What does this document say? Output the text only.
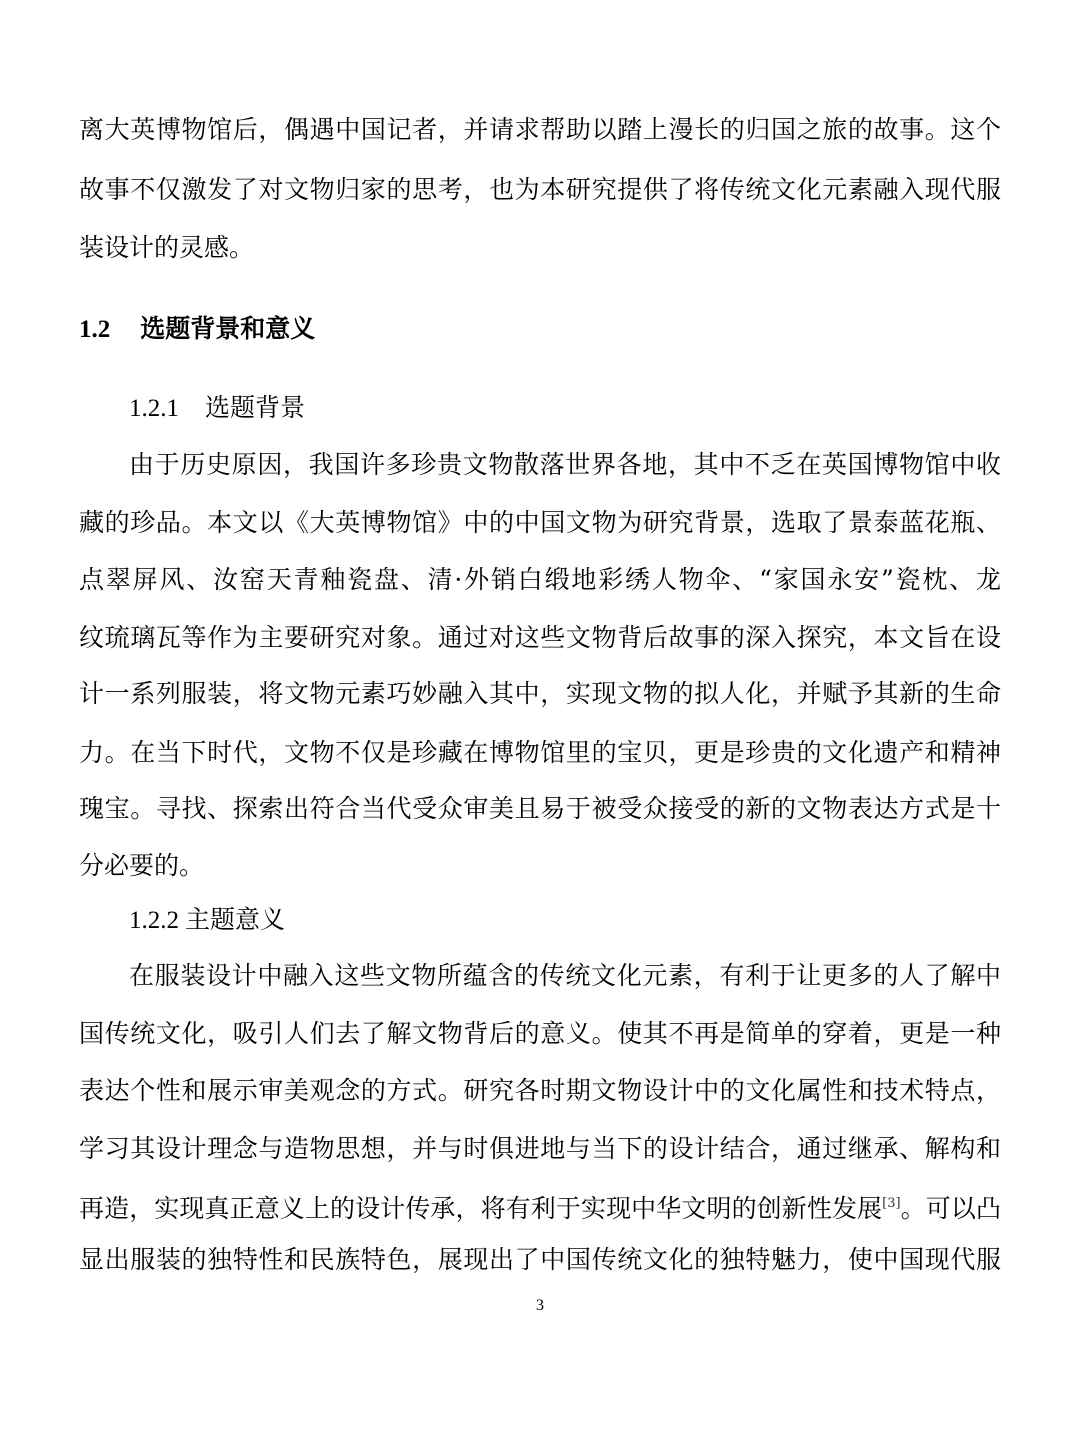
离大英博物馆后，偶遇中国记者，并请求帮助以踏上漫长的归国之旅的故事。这个
故事不仅激发了对文物归家的思考，也为本研究提供了将传统文化元素融入现代服
装设计的灵感。
1.2 选题背景和意义
1.2.1 选题背景
由于历史原因，我国许多珍贵文物散落世界各地，其中不乏在英国博物馆中收
藏的珍品。本文以《大英博物馆》中的中国文物为研究背景，选取了景泰蓝花瓶、
点翠屏风、汝窑天青釉瓷盘、清·外销白缎地彩绣人物伞、“家国永安”瓷枕、龙
纹琉璃瓦等作为主要研究对象。通过对这些文物背后故事的深入探究，本文旨在设
计一系列服装，将文物元素巧妙融入其中，实现文物的拟人化，并赋予其新的生命
力。在当下时代，文物不仅是珍藏在博物馆里的宝贝，更是珍贵的文化遗产和精神
瑰宝。寻找、探索出符合当代受众审美且易于被受众接受的新的文物表达方式是十
分必要的。
1.2.2 主题意义
在服装设计中融入这些文物所蕴含的传统文化元素，有利于让更多的人了解中
国传统文化，吸引人们去了解文物背后的意义。使其不再是简单的穿着，更是一种
表达个性和展示审美观念的方式。研究各时期文物设计中的文化属性和技术特点，
学习其设计理念与造物思想，并与时俱进地与当下的设计结合，通过继承、解构和
再造，实现真正意义上的设计传承，将有利于实现中华文明的创新性发展[3]。可以凸
显出服装的独特性和民族特色，展现出了中国传统文化的独特魅力，使中国现代服
3
